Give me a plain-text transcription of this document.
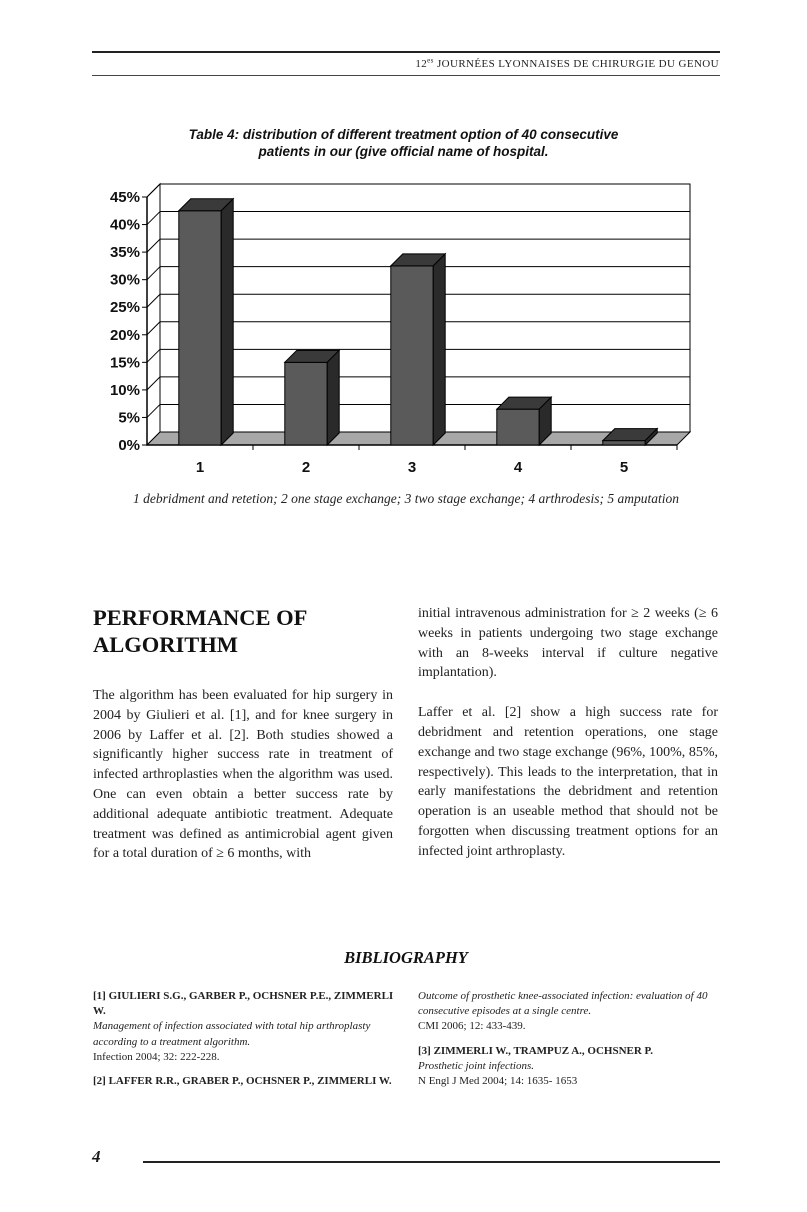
$12^{es}$ JOURNÉES LYONNAISES DE CHIRURGIE DU GENOU
Table 4: distribution of different treatment option of 40 consecutive
patients in our (give official name of hospital.
0%
5%
10%
15%
20%
25%
30%
35%
40%
45%
1	2	3	4	5
1 debridment and retetion; 2 one stage exchange; 3 two stage exchange; 4 arthrodesis; 5 amputation
PERFORMANCE OF ALGORITHM

The algorithm has been evaluated for hip surgery in 2004 by Giulieri et al. [1], and for knee surgery in 2006 by Laffer et al. [2]. Both studies showed a significantly higher success rate in treatment of infected arthroplasties when the algorithm was used. One can even obtain a better success rate by additional adequate antibiotic treatment. Adequate treatment was defined as antimicrobial agent given for a total duration of ≥ 6 months, with

initial intravenous administration for ≥ 2 weeks (≥ 6 weeks in patients undergoing two stage exchange with an 8-weeks interval if culture negative implantation).

Laffer et al. [2] show a high success rate for debridment and retention operations, one stage exchange and two stage exchange (96%, 100%, 85%, respectively). This leads to the interpretation, that in early manifestations the debridment and retention operation is an useable method that should not be forgotten when discussing treatment options for an infected joint arthroplasty.

BIBLIOGRAPHY
[1] GIULIERI S.G., GARBER P., OCHSNER P.E., ZIMMERLI W.
Management of infection associated with total hip arthroplasty according to a treatment algorithm.
Infection 2004; 32: 222-228.
[2] LAFFER R.R., GRABER P., OCHSNER P., ZIMMERLI W.
Outcome of prosthetic knee-associated infection: evaluation of 40 consecutive episodes at a single centre.
CMI 2006; 12: 433-439.
[3] ZIMMERLI W., TRAMPUZ A., OCHSNER P.
Prosthetic joint infections.
N Engl J Med 2004; 14: 1635- 1653
4
